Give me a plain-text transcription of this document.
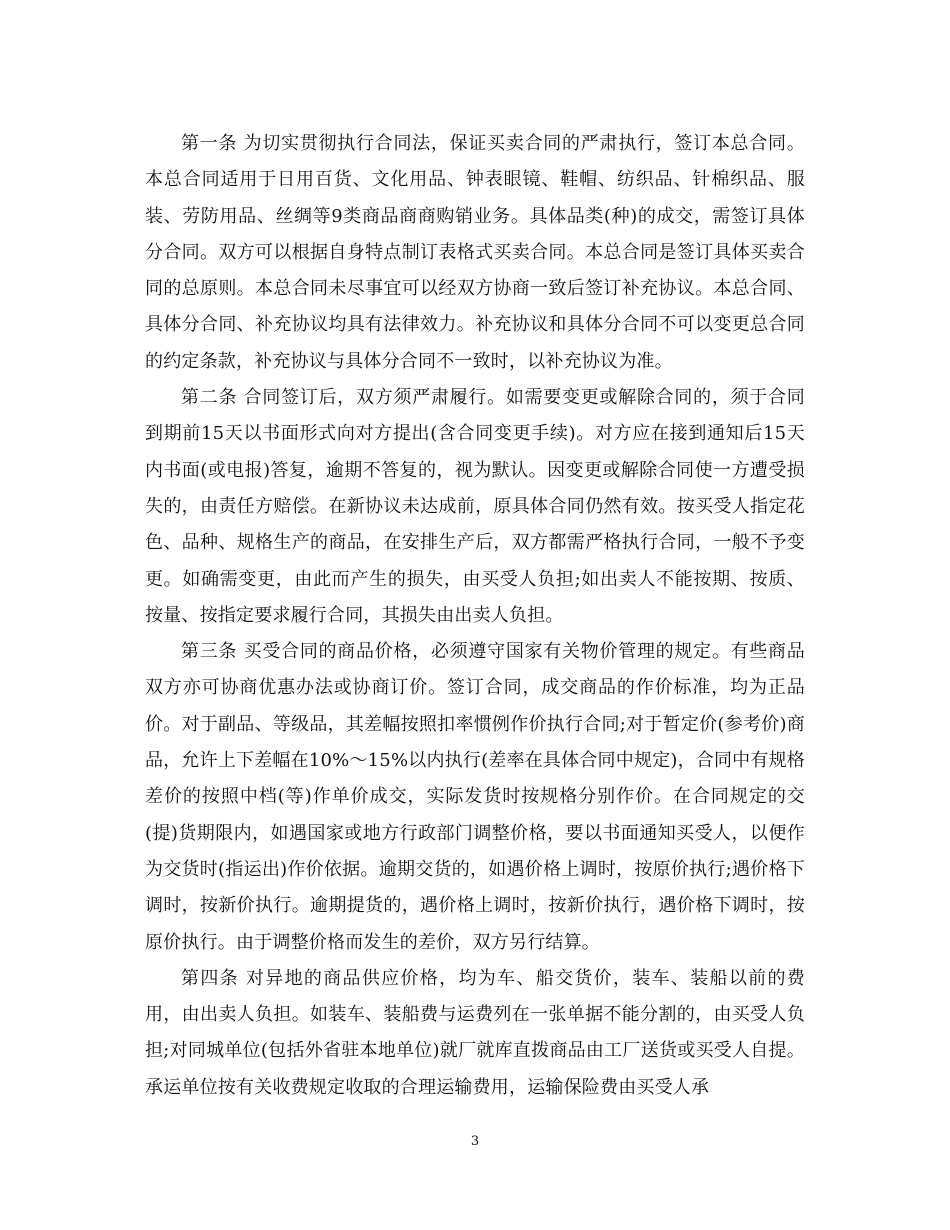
第一条 为切实贯彻执行合同法，保证买卖合同的严肃执行，签订本总合同。本总合同适用于日用百货、文化用品、钟表眼镜、鞋帽、纺织品、针棉织品、服装、劳防用品、丝绸等9类商品商商购销业务。具体品类(种)的成交，需签订具体分合同。双方可以根据自身特点制订表格式买卖合同。本总合同是签订具体买卖合同的总原则。本总合同未尽事宜可以经双方协商一致后签订补充协议。本总合同、具体分合同、补充协议均具有法律效力。补充协议和具体分合同不可以变更总合同的约定条款，补充协议与具体分合同不一致时，以补充协议为准。

第二条 合同签订后，双方须严肃履行。如需要变更或解除合同的，须于合同到期前15天以书面形式向对方提出(含合同变更手续)。对方应在接到通知后15天内书面(或电报)答复，逾期不答复的，视为默认。因变更或解除合同使一方遭受损失的，由责任方赔偿。在新协议未达成前，原具体合同仍然有效。按买受人指定花色、品种、规格生产的商品，在安排生产后，双方都需严格执行合同，一般不予变更。如确需变更，由此而产生的损失，由买受人负担;如出卖人不能按期、按质、按量、按指定要求履行合同，其损失由出卖人负担。

第三条 买受合同的商品价格，必须遵守国家有关物价管理的规定。有些商品双方亦可协商优惠办法或协商订价。签订合同，成交商品的作价标准，均为正品价。对于副品、等级品，其差幅按照扣率惯例作价执行合同;对于暂定价(参考价)商品，允许上下差幅在10%～15%以内执行(差率在具体合同中规定)，合同中有规格差价的按照中档(等)作单价成交，实际发货时按规格分别作价。在合同规定的交(提)货期限内，如遇国家或地方行政部门调整价格，要以书面通知买受人，以便作为交货时(指运出)作价依据。逾期交货的，如遇价格上调时，按原价执行;遇价格下调时，按新价执行。逾期提货的，遇价格上调时，按新价执行，遇价格下调时，按原价执行。由于调整价格而发生的差价，双方另行结算。

第四条 对异地的商品供应价格，均为车、船交货价，装车、装船以前的费用，由出卖人负担。如装车、装船费与运费列在一张单据不能分割的，由买受人负担;对同城单位(包括外省驻本地单位)就厂就库直拨商品由工厂送货或买受人自提。承运单位按有关收费规定收取的合理运输费用，运输保险费由买受人承

3
